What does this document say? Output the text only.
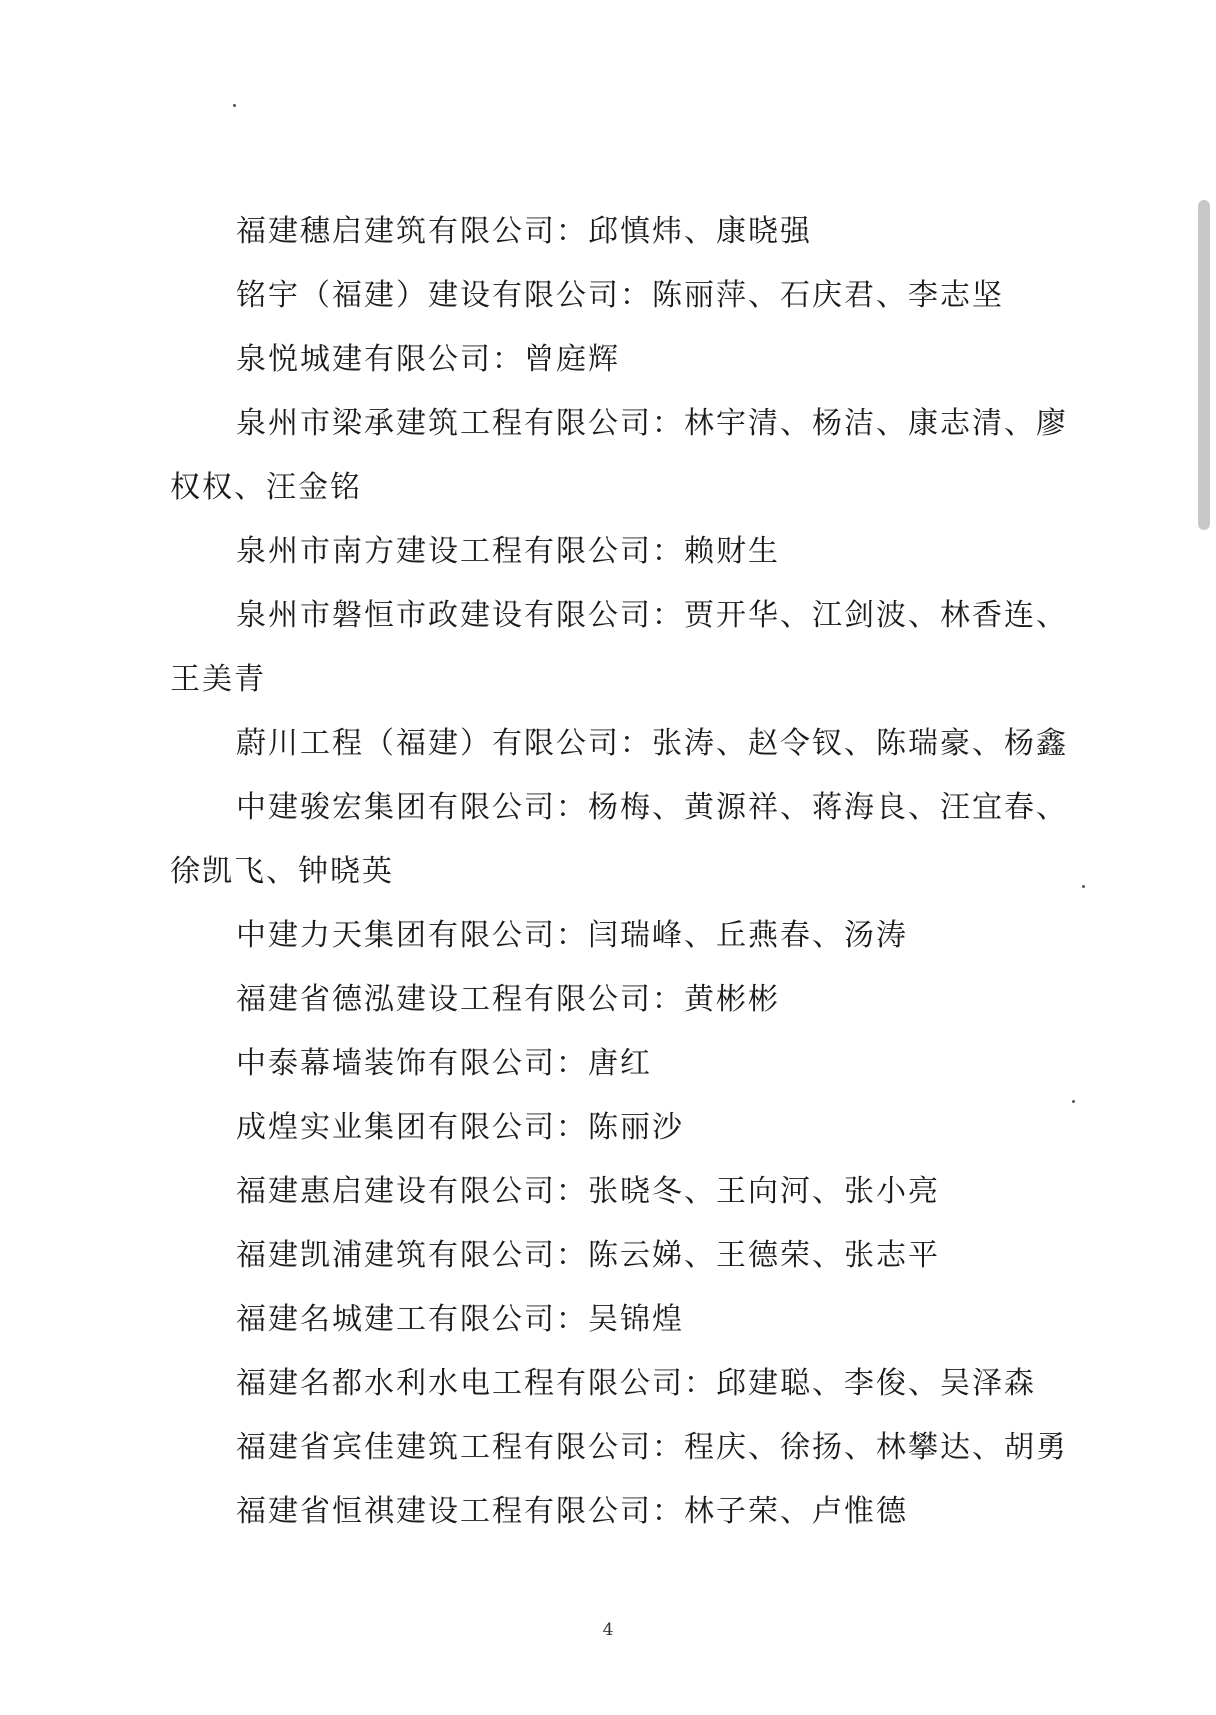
福建穗启建筑有限公司：邱慎炜、康晓强

铭宇（福建）建设有限公司：陈丽萍、石庆君、李志坚

泉悦城建有限公司：曾庭辉

泉州市梁承建筑工程有限公司：林宇清、杨洁、康志清、廖权权、汪金铭

泉州市南方建设工程有限公司：赖财生

泉州市磐恒市政建设有限公司：贾开华、江剑波、林香连、王美青

蔚川工程（福建）有限公司：张涛、赵令钗、陈瑞豪、杨鑫

中建骏宏集团有限公司：杨梅、黄源祥、蒋海良、汪宜春、徐凯飞、钟晓英

中建力天集团有限公司：闫瑞峰、丘燕春、汤涛

福建省德泓建设工程有限公司：黄彬彬

中泰幕墙装饰有限公司：唐红

成煌实业集团有限公司：陈丽沙

福建惠启建设有限公司：张晓冬、王向河、张小亮

福建凯浦建筑有限公司：陈云娣、王德荣、张志平

福建名城建工有限公司：吴锦煌

福建名都水利水电工程有限公司：邱建聪、李俊、吴泽森

福建省宾佳建筑工程有限公司：程庆、徐扬、林攀达、胡勇

福建省恒祺建设工程有限公司：林子荣、卢惟德

4
